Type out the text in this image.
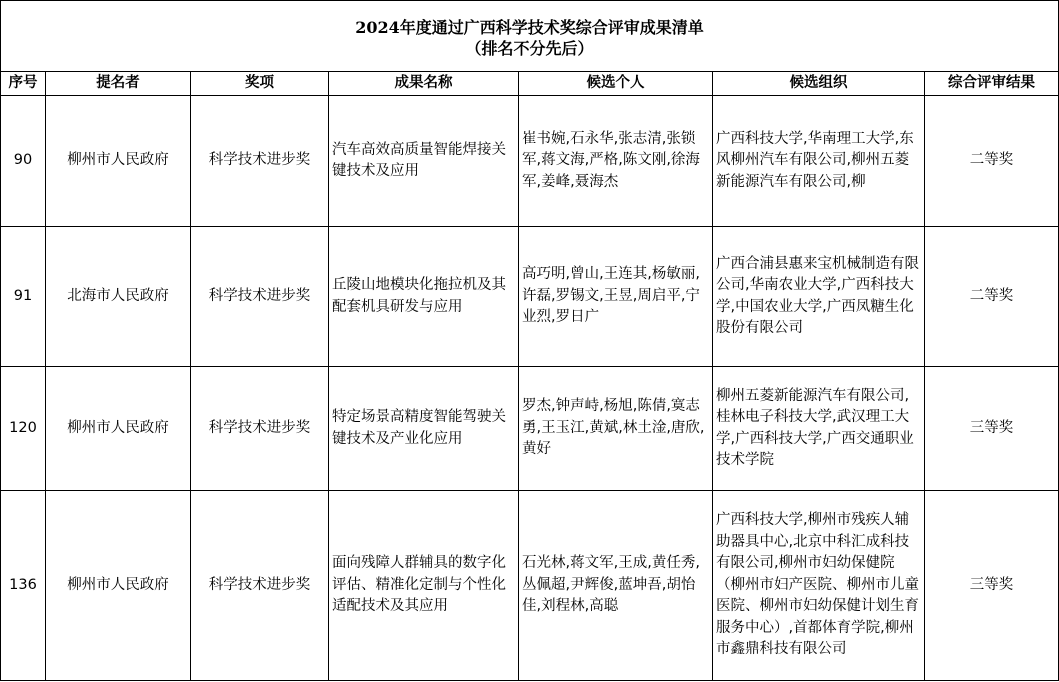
2024年度通过广西科学技术奖综合评审成果清单
（排名不分先后）						

序号	提名者	奖项	成果名称	候选个人	候选组织	综合评审结果
90	柳州市人民政府	科学技术进步奖	汽车高效高质量智能焊接关键技术及应用	崔书婉,石永华,张志清,张锁军,蒋文海,严格,陈文刚,徐海军,姜峰,聂海杰	广西科技大学,华南理工大学,东风柳州汽车有限公司,柳州五菱新能源汽车有限公司,柳	二等奖
91	北海市人民政府	科学技术进步奖	丘陵山地模块化拖拉机及其配套机具研发与应用	高巧明,曾山,王连其,杨敏丽,许磊,罗锡文,王昱,周启平,宁业烈,罗日广	广西合浦县惠来宝机械制造有限公司,华南农业大学,广西科技大学,中国农业大学,广西凤糖生化股份有限公司	二等奖
120	柳州市人民政府	科学技术进步奖	特定场景高精度智能驾驶关键技术及产业化应用	罗杰,钟声峙,杨旭,陈倩,寞志勇,王玉江,黄斌,林土淦,唐欣,黄好	柳州五菱新能源汽车有限公司,桂林电子科技大学,武汉理工大学,广西科技大学,广西交通职业技术学院	三等奖
136	柳州市人民政府	科学技术进步奖	面向残障人群辅具的数字化评估、精准化定制与个性化适配技术及其应用	石光林,蒋文军,王成,黄任秀,丛佩超,尹辉俊,蓝坤吾,胡怡佳,刘程林,高聪	广西科技大学,柳州市残疾人辅助器具中心,北京中科汇成科技有限公司,柳州市妇幼保健院（柳州市妇产医院、柳州市儿童医院、柳州市妇幼保健计划生育服务中心）,首都体育学院,柳州市鑫鼎科技有限公司	三等奖
